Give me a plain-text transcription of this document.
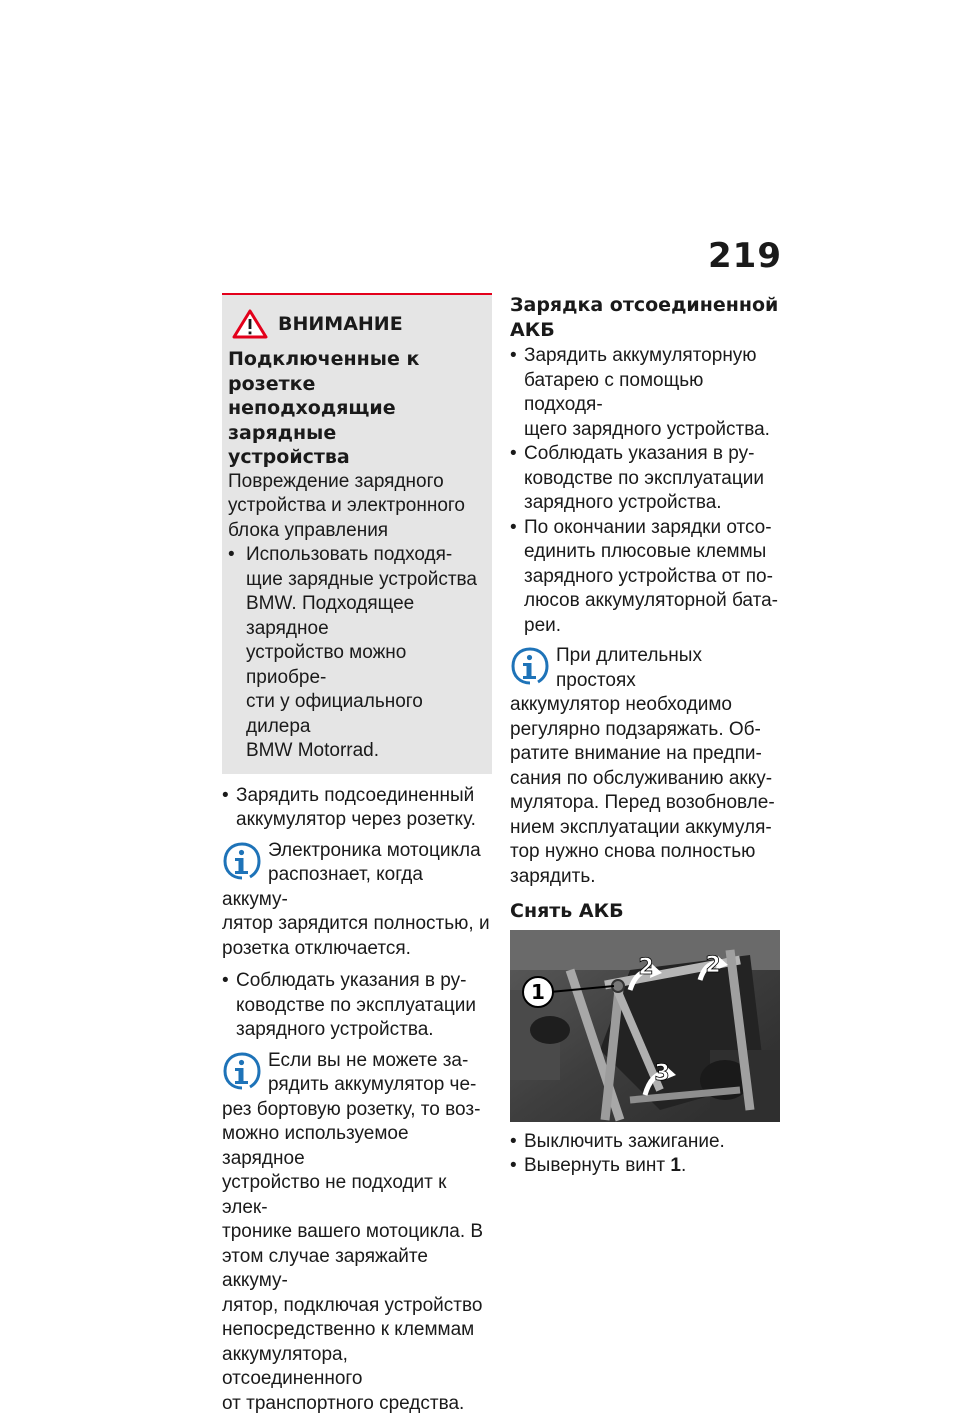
219
ВНИМАНИЕ
Подключенные к розетке
неподходящие зарядные
устройства
Повреждение зарядного
устройства и электронного
блока управления
• Использовать подходя-
щие зарядные устройства
BMW. Подходящее зарядное
устройство можно приобре-
сти у официального дилера
BMW Motorrad.
• Зарядить подсоединенный
аккумулятор через розетку.
Электроника мотоцикла
распознает, когда аккуму-
лятор зарядится полностью, и
розетка отключается.
• Соблюдать указания в ру-
ководстве по эксплуатации
зарядного устройства.
Если вы не можете за-
рядить аккумулятор че-
рез бортовую розетку, то воз-
можно используемое зарядное
устройство не подходит к элек-
тронике вашего мотоцикла. В
этом случае заряжайте аккуму-
лятор, подключая устройство
непосредственно к клеммам
аккумулятора, отсоединенного
от транспортного средства.
Зарядка отсоединенной
АКБ
• Зарядить аккумуляторную
батарею с помощью подходя-
щего зарядного устройства.
• Соблюдать указания в ру-
ководстве по эксплуатации
зарядного устройства.
• По окончании зарядки отсо-
единить плюсовые клеммы
зарядного устройства от по-
люсов аккумуляторной бата-
реи.
При длительных простоях
аккумулятор необходимо
регулярно подзаряжать. Об-
ратите внимание на предпи-
сания по обслуживанию акку-
мулятора. Перед возобновле-
нием эксплуатации аккумуля-
тор нужно снова полностью
зарядить.
Снять АКБ
1
2 2
3
• Выключить зажигание.
• Вывернуть винт 1.
